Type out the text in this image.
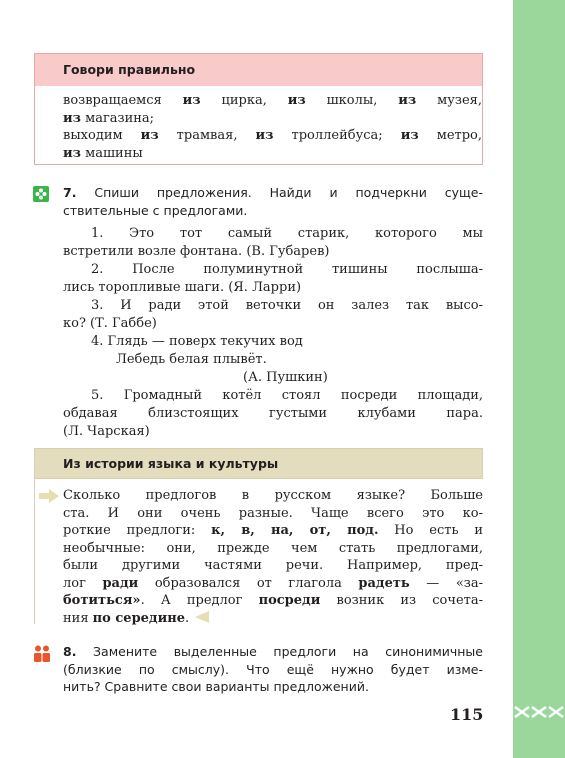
Говори правильно
возвращаемся из цирка, из школы, из музея,
из магазина;
выходим из трамвая, из троллейбуса; из метро,
из машины
7. Спиши предложения. Найди и подчеркни суще-
ствительные с предлогами.
1. Это тот самый старик, которого мы
встретили возле фонтана. (В. Губарев)
2. После полуминутной тишины послыша-
лись торопливые шаги. (Я. Ларри)
3. И ради этой веточки он залез так высо-
ко? (Т. Габбе)
4. Глядь — поверх текучих вод
Лебедь белая плывёт.
(А. Пушкин)
5. Громадный котёл стоял посреди площади,
обдавая близстоящих густыми клубами пара.
(Л. Чарская)
Из истории языка и культуры
Сколько предлогов в русском языке? Больше
ста. И они очень разные. Чаще всего это ко-
роткие предлоги: к, в, на, от, под. Но есть и
необычные: они, прежде чем стать предлогами,
были другими частями речи. Например, пред-
лог ради образовался от глагола радеть — «за-
ботиться». А предлог посреди возник из сочета-
ния по середине.
8. Замените выделенные предлоги на синонимичные
(близкие по смыслу). Что ещё нужно будет изме-
нить? Сравните свои варианты предложений.
115
